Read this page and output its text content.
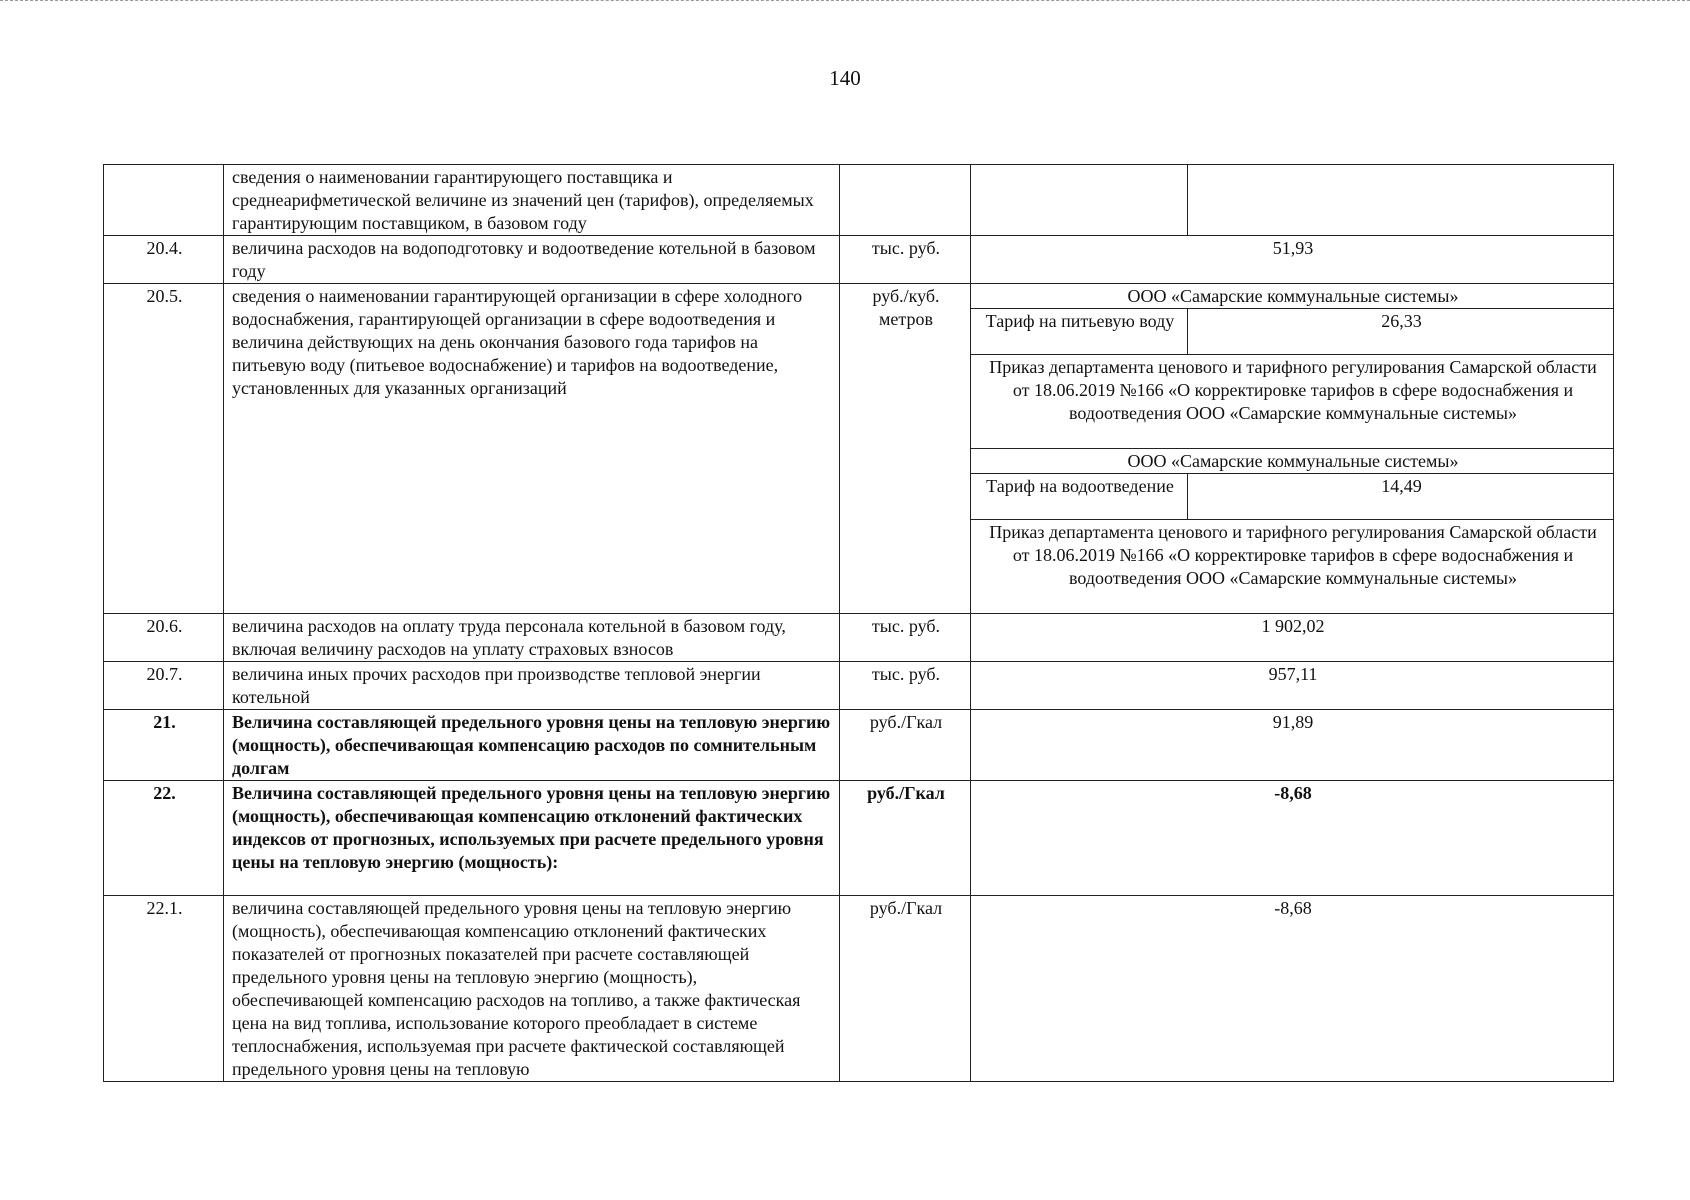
140
	сведения о наименовании гарантирующего поставщика и среднеарифметической величине из значений цен (тарифов), определяемых гарантирующим поставщиком, в базовом году			
20.4.	величина расходов на водоподготовку и водоотведение котельной в базовом году	тыс. руб.	51,93	
20.5.	сведения о наименовании гарантирующей организации в сфере холодного водоснабжения, гарантирующей организации в сфере водоотведения и величина действующих на день окончания базового года тарифов на питьевую воду (питьевое водоснабжение) и тарифов на водоотведение, установленных для указанных организаций	руб./куб. метров	ООО «Самарские коммунальные системы»	
			Тариф на питьевую воду	26,33
			Приказ департамента ценового и тарифного регулирования Самарской области от 18.06.2019 №166 «О корректировке тарифов в сфере водоснабжения и водоотведения ООО «Самарские коммунальные системы»	
			ООО «Самарские коммунальные системы»	
			Тариф на водоотведение	14,49
			Приказ департамента ценового и тарифного регулирования Самарской области от 18.06.2019 №166 «О корректировке тарифов в сфере водоснабжения и водоотведения ООО «Самарские коммунальные системы»	
20.6.	величина расходов на оплату труда персонала котельной в базовом году, включая величину расходов на уплату страховых взносов	тыс. руб.	1 902,02	
20.7.	величина иных прочих расходов при производстве тепловой энергии котельной	тыс. руб.	957,11	
21.	Величина составляющей предельного уровня цены на тепловую энергию (мощность), обеспечивающая компенсацию расходов по сомнительным долгам	руб./Гкал	91,89	
22.	Величина составляющей предельного уровня цены на тепловую энергию (мощность), обеспечивающая компенсацию отклонений фактических индексов от прогнозных, используемых при расчете предельного уровня цены на тепловую энергию (мощность):	руб./Гкал	-8,68	
22.1.	величина составляющей предельного уровня цены на тепловую энергию (мощность), обеспечивающая компенсацию отклонений фактических показателей от прогнозных показателей при расчете составляющей предельного уровня цены на тепловую энергию (мощность), обеспечивающей компенсацию расходов на топливо, а также фактическая цена на вид топлива, использование которого преобладает в системе теплоснабжения, используемая при расчете фактической составляющей предельного уровня цены на тепловую	руб./Гкал	-8,68	
